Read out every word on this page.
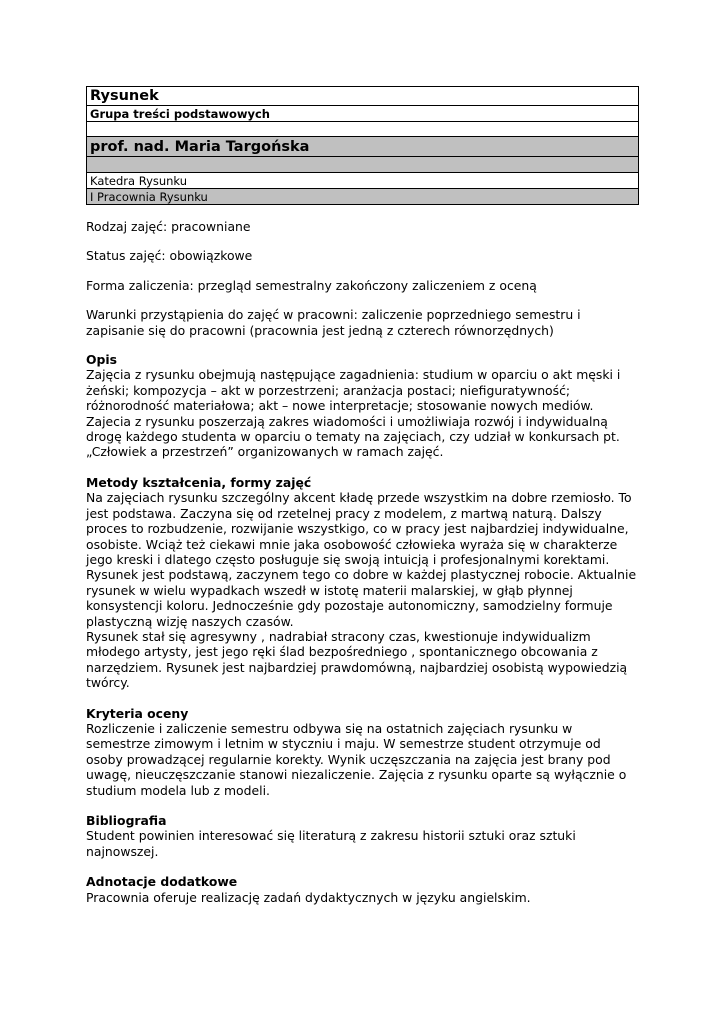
Rysunek
Grupa treści podstawowych

prof. nad. Maria Targońska

Katedra Rysunku
I Pracownia Rysunku

Rodzaj zajęć: pracowniane

Status zajęć: obowiązkowe

Forma zaliczenia: przegląd semestralny zakończony zaliczeniem z oceną

Warunki przystąpienia do zajęć w pracowni: zaliczenie poprzedniego semestru i zapisanie się do pracowni (pracownia jest jedną z czterech równorzędnych)

Opis

Zajęcia z rysunku obejmują następujące zagadnienia: studium w oparciu o akt męski i żeński; kompozycja – akt w porzestrzeni; aranżacja postaci; niefiguratywność; różnorodność materiałowa; akt – nowe interpretacje; stosowanie nowych mediów. Zajecia z rysunku poszerzają zakres wiadomości i umożliwiaja rozwój i indywidualną drogę każdego studenta w oparciu o tematy na zajęciach, czy udział w konkursach pt. „Człowiek a przestrzeń” organizowanych w ramach zajęć.

Metody kształcenia, formy zajęć

Na zajęciach rysunku szczególny akcent kładę przede wszystkim na dobre rzemiosło. To jest podstawa. Zaczyna się od rzetelnej pracy z modelem, z martwą naturą. Dalszy proces to rozbudzenie, rozwijanie wszystkigo, co w pracy jest najbardziej indywidualne, osobiste. Wciąż też ciekawi mnie jaka osobowość człowieka wyraża się w charakterze jego kreski i dlatego często posługuje się swoją intuicją i profesjonalnymi korektami. Rysunek jest podstawą, zaczynem tego co dobre w każdej plastycznej robocie. Aktualnie rysunek w wielu wypadkach wszedł w istotę materii malarskiej, w głąb płynnej konsystencji koloru. Jednocześnie gdy pozostaje autonomiczny, samodzielny formuje plastyczną wizję naszych czasów.

Rysunek stał się agresywny , nadrabiał stracony czas, kwestionuje indywidualizm młodego artysty, jest jego ręki ślad bezpośredniego , spontanicznego obcowania z narzędziem. Rysunek jest najbardziej prawdomówną, najbardziej osobistą wypowiedzią twórcy.

Kryteria oceny

Rozliczenie i zaliczenie semestru odbywa się na ostatnich zajęciach rysunku w semestrze zimowym i letnim w styczniu i maju. W semestrze student otrzymuje od osoby prowadzącej regularnie korekty. Wynik uczęszczania na zajęcia jest brany pod uwagę, nieuczęszczanie stanowi niezaliczenie. Zajęcia z rysunku oparte są wyłącznie o studium modela lub z modeli.

Bibliografia

Student powinien interesować się literaturą z zakresu historii sztuki oraz sztuki najnowszej.

Adnotacje dodatkowe

Pracownia oferuje realizację zadań dydaktycznych w języku angielskim.
